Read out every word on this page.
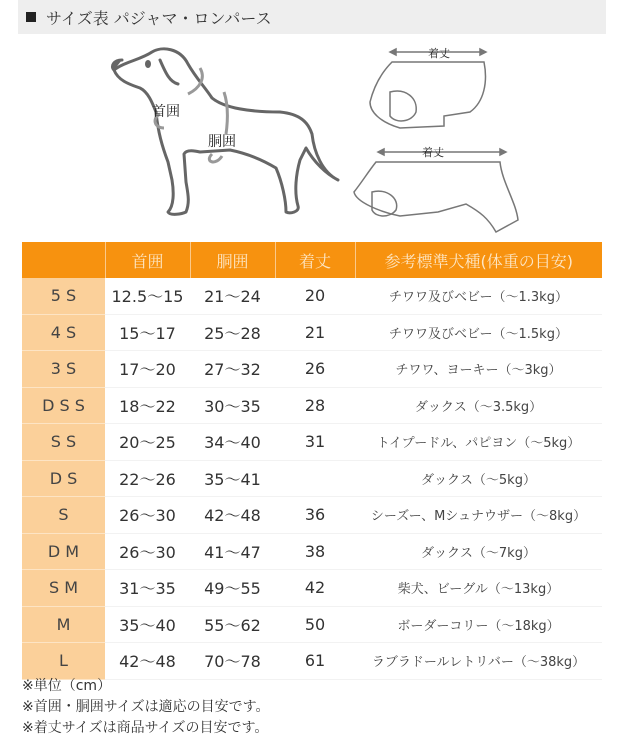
サイズ表 パジャマ・ロンパース
首囲
胴囲
着丈
着丈
	首囲	胴囲	着丈	参考標準犬種(体重の目安)
5 S	12.5～15	21～24	20	チワワ及びベビー（～1.3kg）
4 S	15～17	25～28	21	チワワ及びベビー（～1.5kg）
3 S	17～20	27～32	26	チワワ、ヨーキー（～3kg）
D S S	18～22	30～35	28	ダックス（～3.5kg）
S S	20～25	34～40	31	トイプードル、パピヨン（～5kg）
D S	22～26	35～41		ダックス（～5kg）
S	26～30	42～48	36	シーズー、Mシュナウザー（～8kg）
D M	26～30	41～47	38	ダックス（～7kg）
S M	31～35	49～55	42	柴犬、ビーグル（～13kg）
M	35～40	55～62	50	ボーダーコリー（～18kg）
L	42～48	70～78	61	ラブラドールレトリバー（～38kg）
※単位（cm）
※首囲・胴囲サイズは適応の目安です。
※着丈サイズは商品サイズの目安です。
